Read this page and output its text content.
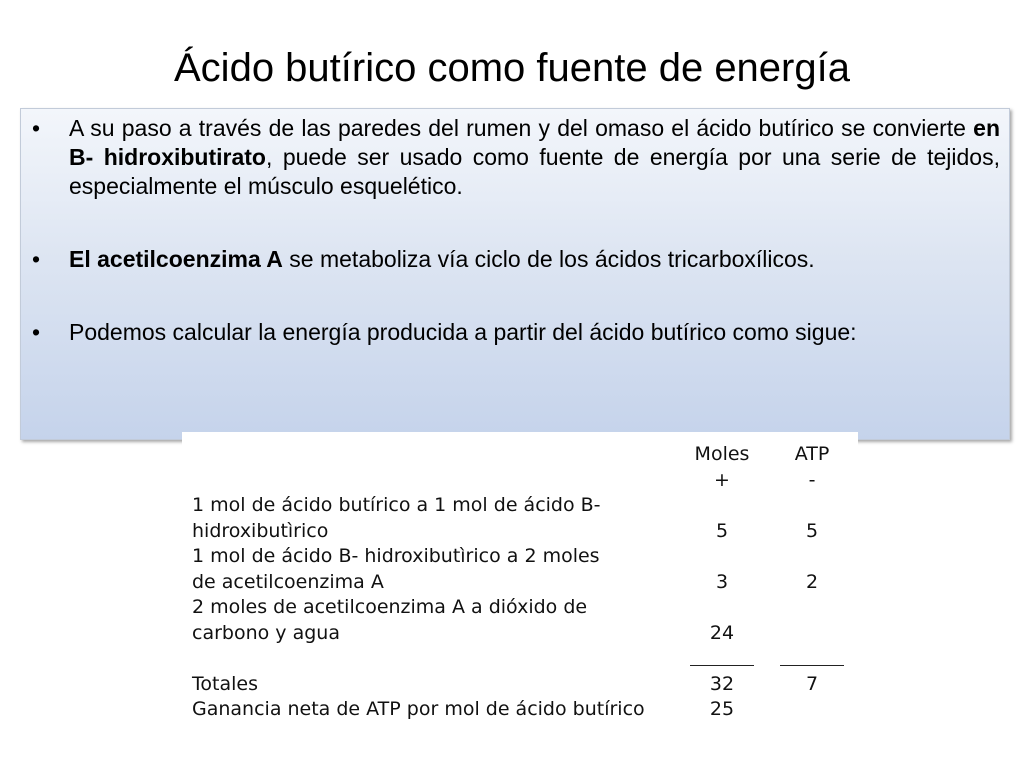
Ácido butírico como fuente de energía
• A su paso a través de las paredes del rumen y del omaso el ácido butírico se convierte en B- hidroxibutirato, puede ser usado como fuente de energía por una serie de tejidos, especialmente el músculo esquelético.
• El acetilcoenzima A se metaboliza vía ciclo de los ácidos tricarboxílicos.
• Podemos calcular la energía producida a partir del ácido butírico como sigue:
Moles	ATP
+	-
1 mol de ácido butírico a 1 mol de ácido B-
hidroxibutìrico	5	5
1 mol de ácido B- hidroxibutìrico a 2 moles
de acetilcoenzima A	3	2
2 moles de acetilcoenzima A a dióxido de
carbono y agua	24
Totales	32	7
Ganancia neta de ATP por mol de ácido butírico	25
